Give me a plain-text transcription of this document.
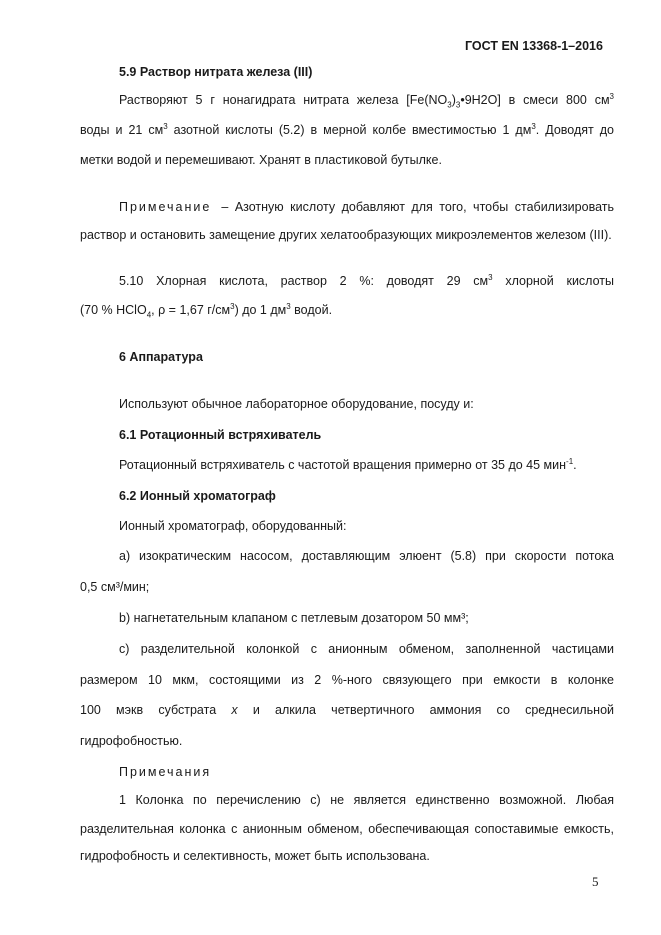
ГОСТ EN 13368-1–2016
5.9 Раствор нитрата железа (III)
Растворяют 5 г нонагидрата нитрата железа $[Fe(NO_3)_3•9H2O]$ в смеси 800 $см^3$
воды и 21 $см^3$ азотной кислоты (5.2) в мерной колбе вместимостью 1 $дм^3$. Доводят до
метки водой и перемешивают. Хранят в пластиковой бутылке.
Примечание – Азотную кислоту добавляют для того, чтобы стабилизировать
раствор и остановить замещение других хелатообразующих микроэлементов железом (III).
5.10 Хлорная кислота, раствор 2 %: доводят 29 $см^3$ хлорной кислоты
(70 % HClO$_4$, ρ = 1,67 $г/см^3$) до 1 $дм^3$ водой.
6 Аппаратура
Используют обычное лабораторное оборудование, посуду и:
6.1 Ротационный встряхиватель
Ротационный встряхиватель с частотой вращения примерно от 35 до 45 мин$^{-1}$.
6.2 Ионный хроматограф
Ионный хроматограф, оборудованный:
a) изократическим насосом, доставляющим элюент (5.8) при скорости потока
0,5 см³/мин;
b) нагнетательным клапаном с петлевым дозатором 50 мм³;
c) разделительной колонкой с анионным обменом, заполненной частицами
размером 10 мкм, состоящими из 2 %-ного связующего при емкости в колонке
100 мэкв субстрата x и алкила четвертичного аммония со среднесильной
гидрофобностью.
Примечания
1 Колонка по перечислению с) не является единственно возможной. Любая
разделительная колонка с анионным обменом, обеспечивающая сопоставимые емкость,
гидрофобность и селективность, может быть использована.
5
